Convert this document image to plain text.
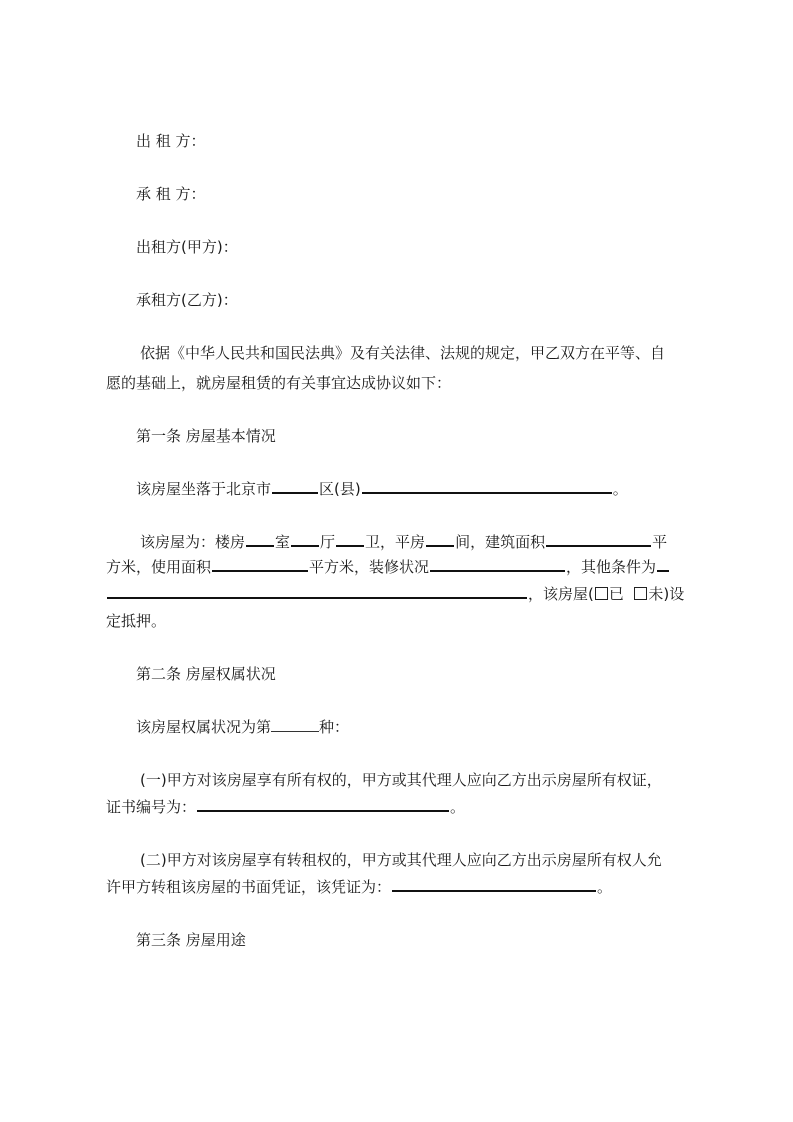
出 租 方：
承 租 方：
出租方(甲方)：
承租方(乙方)：
依据《中华人民共和国民法典》及有关法律、法规的规定，甲乙双方在平等、自
愿的基础上，就房屋租赁的有关事宜达成协议如下：
第一条 房屋基本情况
该房屋坐落于北京市	区(县)	。
该房屋为：楼房 室 厅 卫，平房 间，建筑面积	平
方米，使用面积	平方米，装修状况	，其他条件为
，该房屋( 已 未)设
定抵押。
第二条 房屋权属状况
该房屋权属状况为第	种：
(一)甲方对该房屋享有所有权的，甲方或其代理人应向乙方出示房屋所有权证，
证书编号为：	。
(二)甲方对该房屋享有转租权的，甲方或其代理人应向乙方出示房屋所有权人允
许甲方转租该房屋的书面凭证，该凭证为：	。
第三条 房屋用途
